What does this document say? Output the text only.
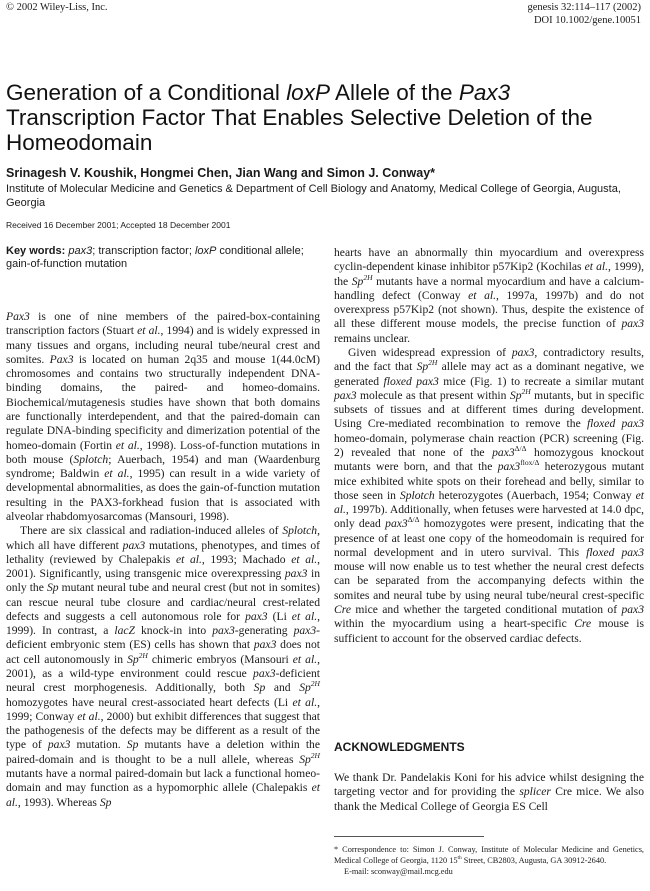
© 2002 Wiley-Liss, Inc.	genesis 32:114–117 (2002)
DOI 10.1002/gene.10051
Generation of a Conditional loxP Allele of the Pax3 Transcription Factor That Enables Selective Deletion of the Homeodomain
Srinagesh V. Koushik, Hongmei Chen, Jian Wang and Simon J. Conway*
Institute of Molecular Medicine and Genetics & Department of Cell Biology and Anatomy, Medical College of Georgia, Augusta, Georgia
Received 16 December 2001; Accepted 18 December 2001
Key words: pax3; transcription factor; loxP conditional allele; gain-of-function mutation

Pax3 is one of nine members of the paired-box-containing transcription factors (Stuart et al., 1994) and is widely expressed in many tissues and organs, including neural tube/neural crest and somites. Pax3 is located on human 2q35 and mouse 1(44.0cM) chromosomes and contains two structurally independent DNA-binding domains, the paired- and homeo-domains. Biochemical/mutagenesis studies have shown that both domains are functionally interdependent, and that the paired-domain can regulate DNA-binding specificity and dimerization potential of the homeo-domain (Fortin et al., 1998). Loss-of-function mutations in both mouse (Splotch; Auerbach, 1954) and man (Waardenburg syndrome; Baldwin et al., 1995) can result in a wide variety of developmental abnormalities, as does the gain-of-function mutation resulting in the PAX3-forkhead fusion that is associated with alveolar rhabdomyosarcomas (Mansouri, 1998).

There are six classical and radiation-induced alleles of Splotch, which all have different pax3 mutations, phenotypes, and times of lethality (reviewed by Chalepakis et al., 1993; Machado et al., 2001). Significantly, using transgenic mice overexpressing pax3 in only the Sp mutant neural tube and neural crest (but not in somites) can rescue neural tube closure and cardiac/neural crest-related defects and suggests a cell autonomous role for pax3 (Li et al., 1999). In contrast, a lacZ knock-in into pax3-generating pax3-deficient embryonic stem (ES) cells has shown that pax3 does not act cell autonomously in $Sp^{2H}$ chimeric embryos (Mansouri et al., 2001), as a wild-type environment could rescue pax3-deficient neural crest morphogenesis. Additionally, both Sp and $Sp^{2H}$ homozygotes have neural crest-associated heart defects (Li et al., 1999; Conway et al., 2000) but exhibit differences that suggest that the pathogenesis of the defects may be different as a result of the type of pax3 mutation. Sp mutants have a deletion within the paired-domain and is thought to be a null allele, whereas $Sp^{2H}$ mutants have a normal paired-domain but lack a functional homeo-domain and may function as a hypomorphic allele (Chalepakis et al., 1993). Whereas Sp

hearts have an abnormally thin myocardium and overexpress cyclin-dependent kinase inhibitor p57Kip2 (Kochilas et al., 1999), the $Sp^{2H}$ mutants have a normal myocardium and have a calcium-handling defect (Conway et al., 1997a, 1997b) and do not overexpress p57Kip2 (not shown). Thus, despite the existence of all these different mouse models, the precise function of pax3 remains unclear.

Given widespread expression of pax3, contradictory results, and the fact that $Sp^{2H}$ allele may act as a dominant negative, we generated floxed pax3 mice (Fig. 1) to recreate a similar mutant pax3 molecule as that present within $Sp^{2H}$ mutants, but in specific subsets of tissues and at different times during development. Using Cre-mediated recombination to remove the floxed pax3 homeo-domain, polymerase chain reaction (PCR) screening (Fig. 2) revealed that none of the $pax3^{\Delta/\Delta}$ homozygous knockout mutants were born, and that the $pax3^{flox/\Delta}$ heterozygous mutant mice exhibited white spots on their forehead and belly, similar to those seen in Splotch heterozygotes (Auerbach, 1954; Conway et al., 1997b). Additionally, when fetuses were harvested at 14.0 dpc, only dead $pax3^{\Delta/\Delta}$ homozygotes were present, indicating that the presence of at least one copy of the homeodomain is required for normal development and in utero survival. This floxed pax3 mouse will now enable us to test whether the neural crest defects can be separated from the accompanying defects within the somites and neural tube by using neural tube/neural crest-specific Cre mice and whether the targeted conditional mutation of pax3 within the myocardium using a heart-specific Cre mouse is sufficient to account for the observed cardiac defects.

ACKNOWLEDGMENTS
We thank Dr. Pandelakis Koni for his advice whilst designing the targeting vector and for providing the splicer Cre mice. We also thank the Medical College of Georgia ES Cell
* Correspondence to: Simon J. Conway, Institute of Molecular Medicine and Genetics, Medical College of Georgia, 1120 15th Street, CB2803, Augusta, GA 30912-2640.
E-mail: sconway@mail.mcg.edu
